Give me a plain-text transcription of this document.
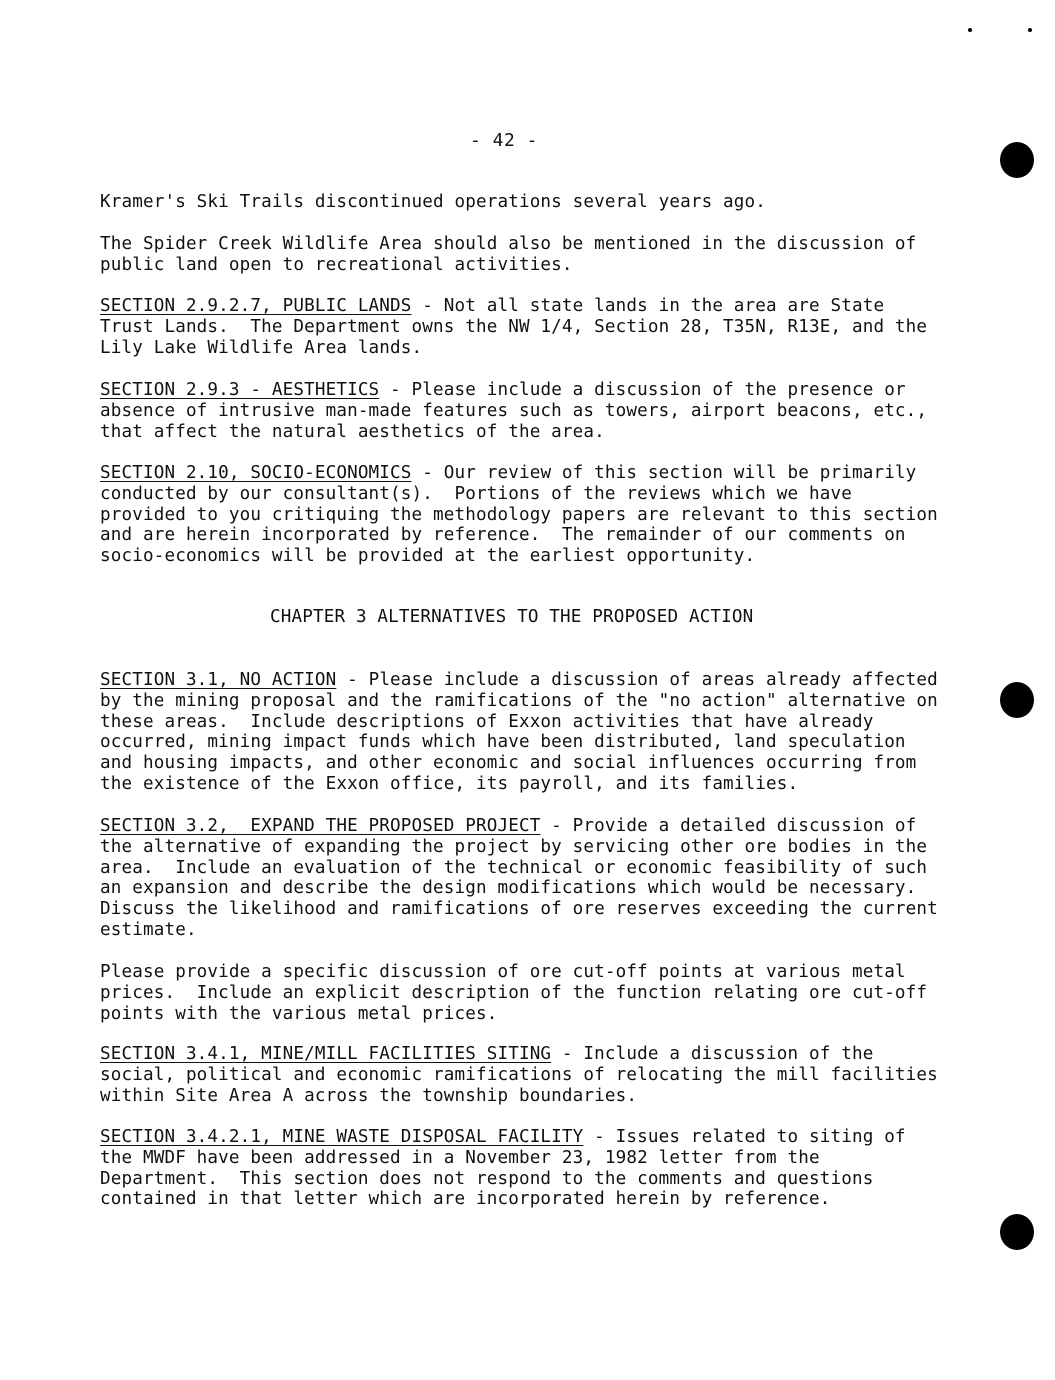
- 42 -

Kramer's Ski Trails discontinued operations several years ago.

The Spider Creek Wildlife Area should also be mentioned in the discussion of
public land open to recreational activities.

SECTION 2.9.2.7, PUBLIC LANDS - Not all state lands in the area are State
Trust Lands.  The Department owns the NW 1/4, Section 28, T35N, R13E, and the
Lily Lake Wildlife Area lands.

SECTION 2.9.3 - AESTHETICS - Please include a discussion of the presence or
absence of intrusive man-made features such as towers, airport beacons, etc.,
that affect the natural aesthetics of the area.

SECTION 2.10, SOCIO-ECONOMICS - Our review of this section will be primarily
conducted by our consultant(s).  Portions of the reviews which we have
provided to you critiquing the methodology papers are relevant to this section
and are herein incorporated by reference.  The remainder of our comments on
socio-economics will be provided at the earliest opportunity.

CHAPTER 3 ALTERNATIVES TO THE PROPOSED ACTION

SECTION 3.1, NO ACTION - Please include a discussion of areas already affected
by the mining proposal and the ramifications of the "no action" alternative on
these areas.  Include descriptions of Exxon activities that have already
occurred, mining impact funds which have been distributed, land speculation
and housing impacts, and other economic and social influences occurring from
the existence of the Exxon office, its payroll, and its families.

SECTION 3.2,  EXPAND THE PROPOSED PROJECT - Provide a detailed discussion of
the alternative of expanding the project by servicing other ore bodies in the
area.  Include an evaluation of the technical or economic feasibility of such
an expansion and describe the design modifications which would be necessary.
Discuss the likelihood and ramifications of ore reserves exceeding the current
estimate.

Please provide a specific discussion of ore cut-off points at various metal
prices.  Include an explicit description of the function relating ore cut-off
points with the various metal prices.

SECTION 3.4.1, MINE/MILL FACILITIES SITING - Include a discussion of the
social, political and economic ramifications of relocating the mill facilities
within Site Area A across the township boundaries.

SECTION 3.4.2.1, MINE WASTE DISPOSAL FACILITY - Issues related to siting of
the MWDF have been addressed in a November 23, 1982 letter from the
Department.  This section does not respond to the comments and questions
contained in that letter which are incorporated herein by reference.
